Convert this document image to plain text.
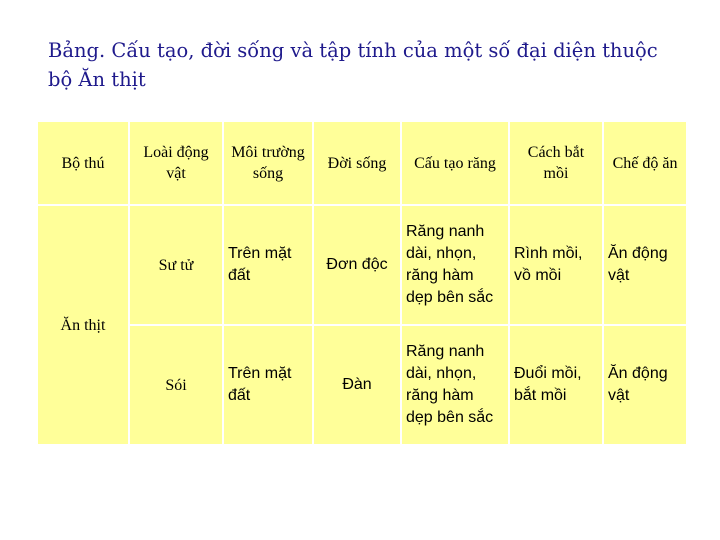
Bảng. Cấu tạo, đời sống và tập tính của một số đại diện thuộc bộ Ăn thịt
Bộ thú	Loài động vật	Môi trường sống	Đời sống	Cấu tạo răng	Cách bắt mồi	Chế độ ăn
Ăn thịt	Sư tử	Trên mặt đất	Đơn độc	Răng nanh dài, nhọn, răng hàm dẹp bên sắc	Rình mồi, vồ mồi	Ăn động vật
	Sói	Trên mặt đất	Đàn	Răng nanh dài, nhọn, răng hàm dẹp bên sắc	Đuổi mồi, bắt mồi	Ăn động vật
